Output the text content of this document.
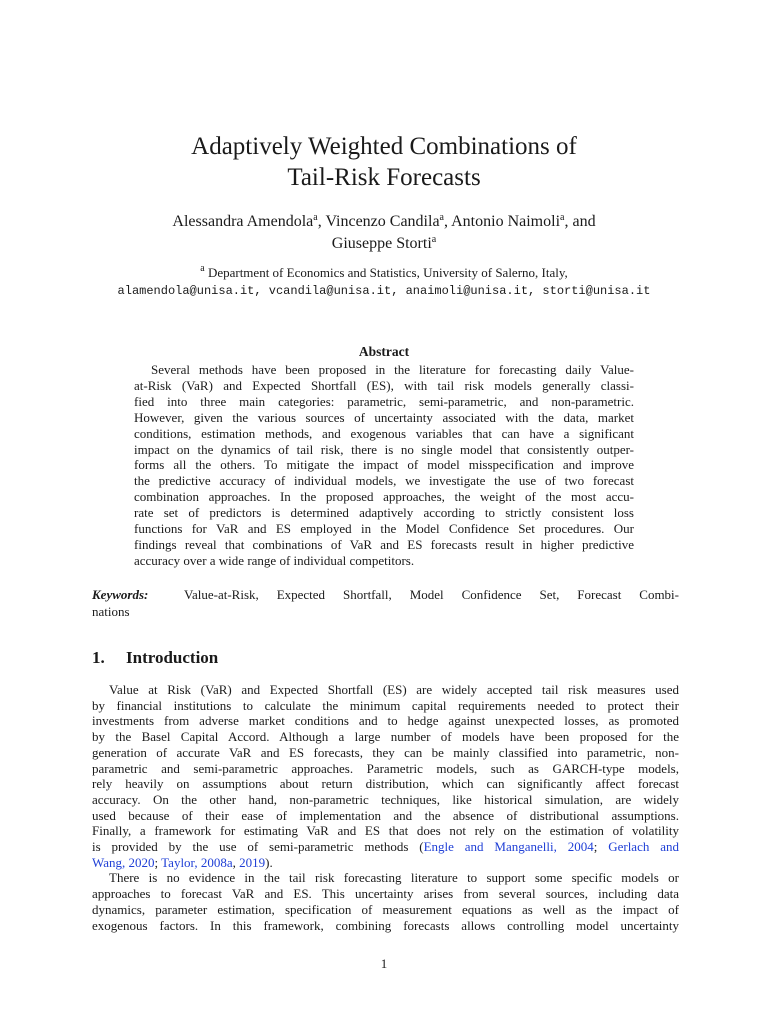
Adaptively Weighted Combinations of
Tail-Risk Forecasts
Alessandra Amendola$^a$, Vincenzo Candila$^a$, Antonio Naimoli$^a$, and
Giuseppe Storti$^a$
$^a$ Department of Economics and Statistics, University of Salerno, Italy,
alamendola@unisa.it, vcandila@unisa.it, anaimoli@unisa.it, storti@unisa.it
Abstract
Several methods have been proposed in the literature for forecasting daily Value-
at-Risk (VaR) and Expected Shortfall (ES), with tail risk models generally classi-
fied into three main categories: parametric, semi-parametric, and non-parametric.
However, given the various sources of uncertainty associated with the data, market
conditions, estimation methods, and exogenous variables that can have a significant
impact on the dynamics of tail risk, there is no single model that consistently outper-
forms all the others. To mitigate the impact of model misspecification and improve
the predictive accuracy of individual models, we investigate the use of two forecast
combination approaches. In the proposed approaches, the weight of the most accu-
rate set of predictors is determined adaptively according to strictly consistent loss
functions for VaR and ES employed in the Model Confidence Set procedures. Our
findings reveal that combinations of VaR and ES forecasts result in higher predictive
accuracy over a wide range of individual competitors.
Keywords:	Value-at-Risk, Expected Shortfall, Model Confidence Set, Forecast Combi-
nations
1. Introduction
Value at Risk (VaR) and Expected Shortfall (ES) are widely accepted tail risk measures used
by financial institutions to calculate the minimum capital requirements needed to protect their
investments from adverse market conditions and to hedge against unexpected losses, as promoted
by the Basel Capital Accord. Although a large number of models have been proposed for the
generation of accurate VaR and ES forecasts, they can be mainly classified into parametric, non-
parametric and semi-parametric approaches. Parametric models, such as GARCH-type models,
rely heavily on assumptions about return distribution, which can significantly affect forecast
accuracy. On the other hand, non-parametric techniques, like historical simulation, are widely
used because of their ease of implementation and the absence of distributional assumptions.
Finally, a framework for estimating VaR and ES that does not rely on the estimation of volatility
is provided by the use of semi-parametric methods (Engle and Manganelli, 2004; Gerlach and
Wang, 2020; Taylor, 2008a, 2019).
There is no evidence in the tail risk forecasting literature to support some specific models or
approaches to forecast VaR and ES. This uncertainty arises from several sources, including data
dynamics, parameter estimation, specification of measurement equations as well as the impact of
exogenous factors. In this framework, combining forecasts allows controlling model uncertainty
1
